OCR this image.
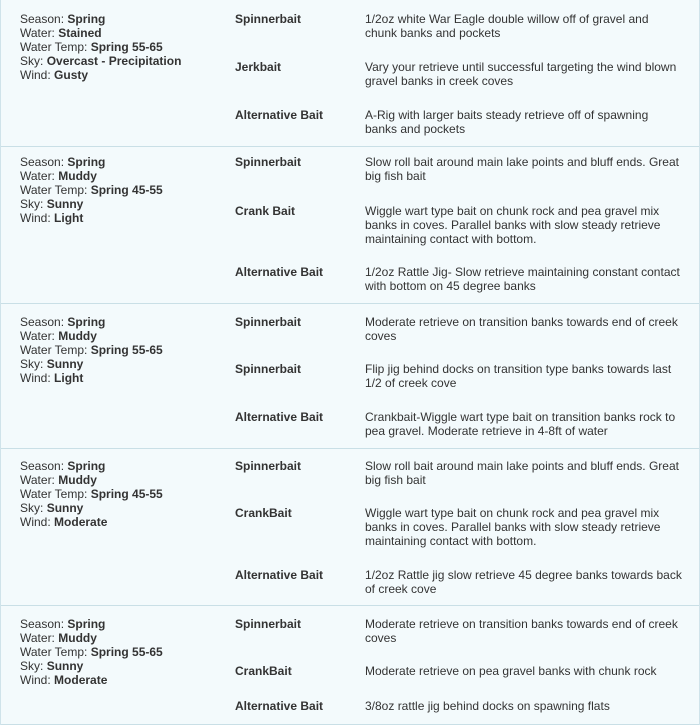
Season: Spring
Water: Stained
Water Temp: Spring 55-65
Sky: Overcast - Precipitation
Wind: Gusty
Spinnerbait	1/2oz white War Eagle double willow off of gravel and chunk banks and pockets
Jerkbait	Vary your retrieve until successful targeting the wind blown gravel banks in creek coves
Alternative Bait	A-Rig with larger baits steady retrieve off of spawning banks and pockets
Season: Spring
Water: Muddy
Water Temp: Spring 45-55
Sky: Sunny
Wind: Light
Spinnerbait	Slow roll bait around main lake points and bluff ends. Great big fish bait
Crank Bait	Wiggle wart type bait on chunk rock and pea gravel mix banks in coves. Parallel banks with slow steady retrieve maintaining contact with bottom.
Alternative Bait	1/2oz Rattle Jig- Slow retrieve maintaining constant contact with bottom on 45 degree banks
Season: Spring
Water: Muddy
Water Temp: Spring 55-65
Sky: Sunny
Wind: Light
Spinnerbait	Moderate retrieve on transition banks towards end of creek coves
Spinnerbait	Flip jig behind docks on transition type banks towards last 1/2 of creek cove
Alternative Bait	Crankbait-Wiggle wart type bait on transition banks rock to pea gravel. Moderate retrieve in 4-8ft of water
Season: Spring
Water: Muddy
Water Temp: Spring 45-55
Sky: Sunny
Wind: Moderate
Spinnerbait	Slow roll bait around main lake points and bluff ends. Great big fish bait
CrankBait	Wiggle wart type bait on chunk rock and pea gravel mix banks in coves. Parallel banks with slow steady retrieve maintaining contact with bottom.
Alternative Bait	1/2oz Rattle jig slow retrieve 45 degree banks towards back of creek cove
Season: Spring
Water: Muddy
Water Temp: Spring 55-65
Sky: Sunny
Wind: Moderate
Spinnerbait	Moderate retrieve on transition banks towards end of creek coves
CrankBait	Moderate retrieve on pea gravel banks with chunk rock
Alternative Bait	3/8oz rattle jig behind docks on spawning flats
